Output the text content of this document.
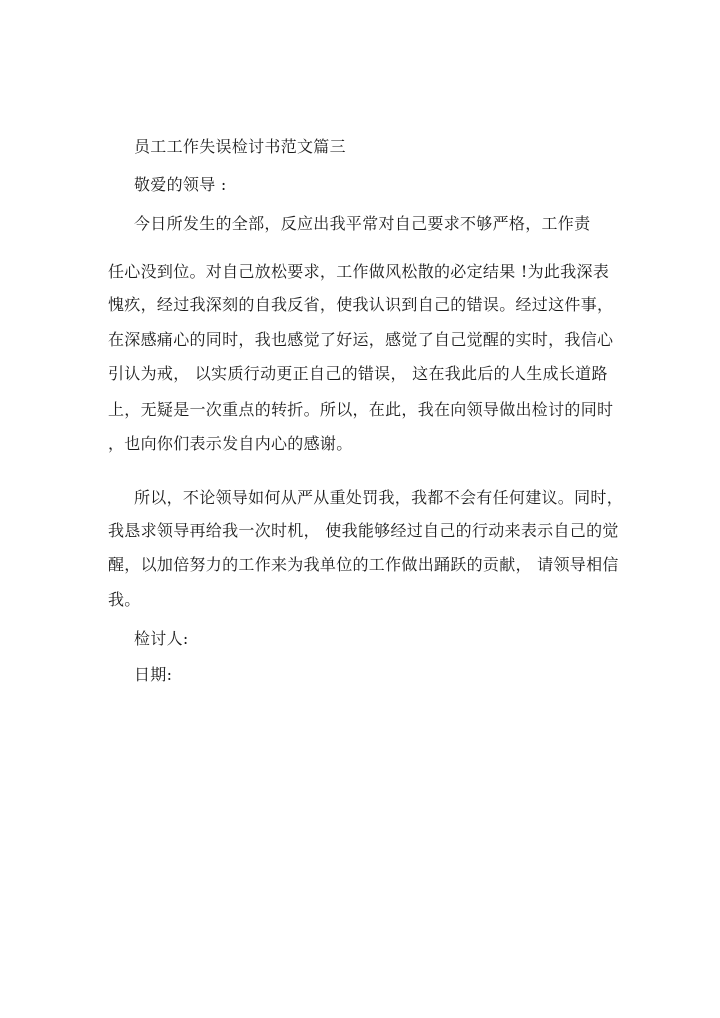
员工工作失误检讨书范文篇三
敬爱的领导 :
今日所发生的全部，反应出我平常对自己要求不够严格，工作责
任心没到位。对自己放松要求，工作做风松散的必定结果 !为此我深表
愧疚，经过我深刻的自我反省，使我认识到自己的错误。经过这件事，
在深感痛心的同时，我也感觉了好运，感觉了自己觉醒的实时，我信心
引认为戒， 以实质行动更正自己的错误， 这在我此后的人生成长道路
上，无疑是一次重点的转折。所以，在此，我在向领导做出检讨的同时
，也向你们表示发自内心的感谢。
所以，不论领导如何从严从重处罚我，我都不会有任何建议。同时，
我恳求领导再给我一次时机， 使我能够经过自己的行动来表示自己的觉
醒，以加倍努力的工作来为我单位的工作做出踊跃的贡献， 请领导相信
我。
检讨人:
日期:
